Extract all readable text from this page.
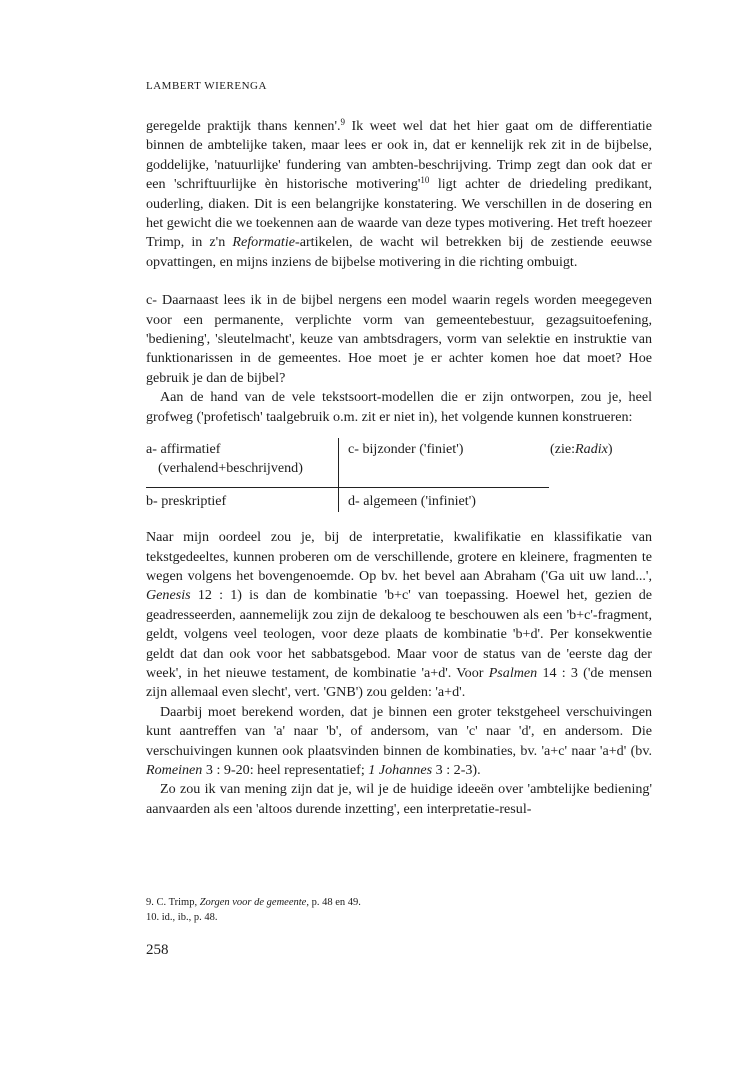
LAMBERT WIERENGA

geregelde praktijk thans kennen'.$^9$ Ik weet wel dat het hier gaat om de differentiatie binnen de ambtelijke taken, maar lees er ook in, dat er kennelijk rek zit in de bijbelse, goddelijke, 'natuurlijke' fundering van ambten-beschrijving. Trimp zegt dan ook dat er een 'schriftuurlijke èn historische $motivering'^{10}$ ligt achter de driedeling predikant, ouderling, diaken. Dit is een belangrijke konstatering. We verschillen in de dosering en het gewicht die we toekennen aan de waarde van deze types motivering. Het treft hoezeer Trimp, in z'n Reformatie-artikelen, de wacht wil betrekken bij de zestiende eeuwse opvattingen, en mijns inziens de bijbelse motivering in die richting ombuigt.

c- Daarnaast lees ik in de bijbel nergens een model waarin regels worden meegegeven voor een permanente, verplichte vorm van gemeentebestuur, gezagsuitoefening, 'bediening', 'sleutelmacht', keuze van ambtsdragers, vorm van selektie en instruktie van funktionarissen in de gemeentes. Hoe moet je er achter komen hoe dat moet? Hoe gebruik je dan de bijbel?

Aan de hand van de vele tekstsoort-modellen die er zijn ontworpen, zou je, heel grofweg ('profetisch' taalgebruik o.m. zit er niet in), het volgende kunnen konstrueren:

a- affirmatief
(verhalend+beschrijvend)
c- bijzonder ('finiet')	(zie:Radix)
b- preskriptief	d- algemeen ('infiniet')

Naar mijn oordeel zou je, bij de interpretatie, kwalifikatie en klassifikatie van tekstgedeeltes, kunnen proberen om de verschillende, grotere en kleinere, fragmenten te wegen volgens het bovengenoemde. Op bv. het bevel aan Abraham ('Ga uit uw land...', Genesis 12 : 1) is dan de kombinatie 'b+c' van toepassing. Hoewel het, gezien de geadresseerden, aannemelijk zou zijn de dekaloog te beschouwen als een 'b+c'-fragment, geldt, volgens veel teologen, voor deze plaats de kombinatie 'b+d'. Per konsekwentie geldt dat dan ook voor het sabbatsgebod. Maar voor de status van de 'eerste dag der week', in het nieuwe testament, de kombinatie 'a+d'. Voor Psalmen 14 : 3 ('de mensen zijn allemaal even slecht', vert. 'GNB') zou gelden: 'a+d'.

Daarbij moet berekend worden, dat je binnen een groter tekstgeheel verschuivingen kunt aantreffen van 'a' naar 'b', of andersom, van 'c' naar 'd', en andersom. Die verschuivingen kunnen ook plaatsvinden binnen de kombinaties, bv. 'a+c' naar 'a+d' (bv. Romeinen 3 : 9-20: heel representatief; 1 Johannes 3 : 2-3).

Zo zou ik van mening zijn dat je, wil je de huidige ideeën over 'ambtelijke bediening' aanvaarden als een 'altoos durende inzetting', een interpretatie-resul-

9. C. Trimp, Zorgen voor de gemeente, p. 48 en 49.

10. id., ib., p. 48.

258
